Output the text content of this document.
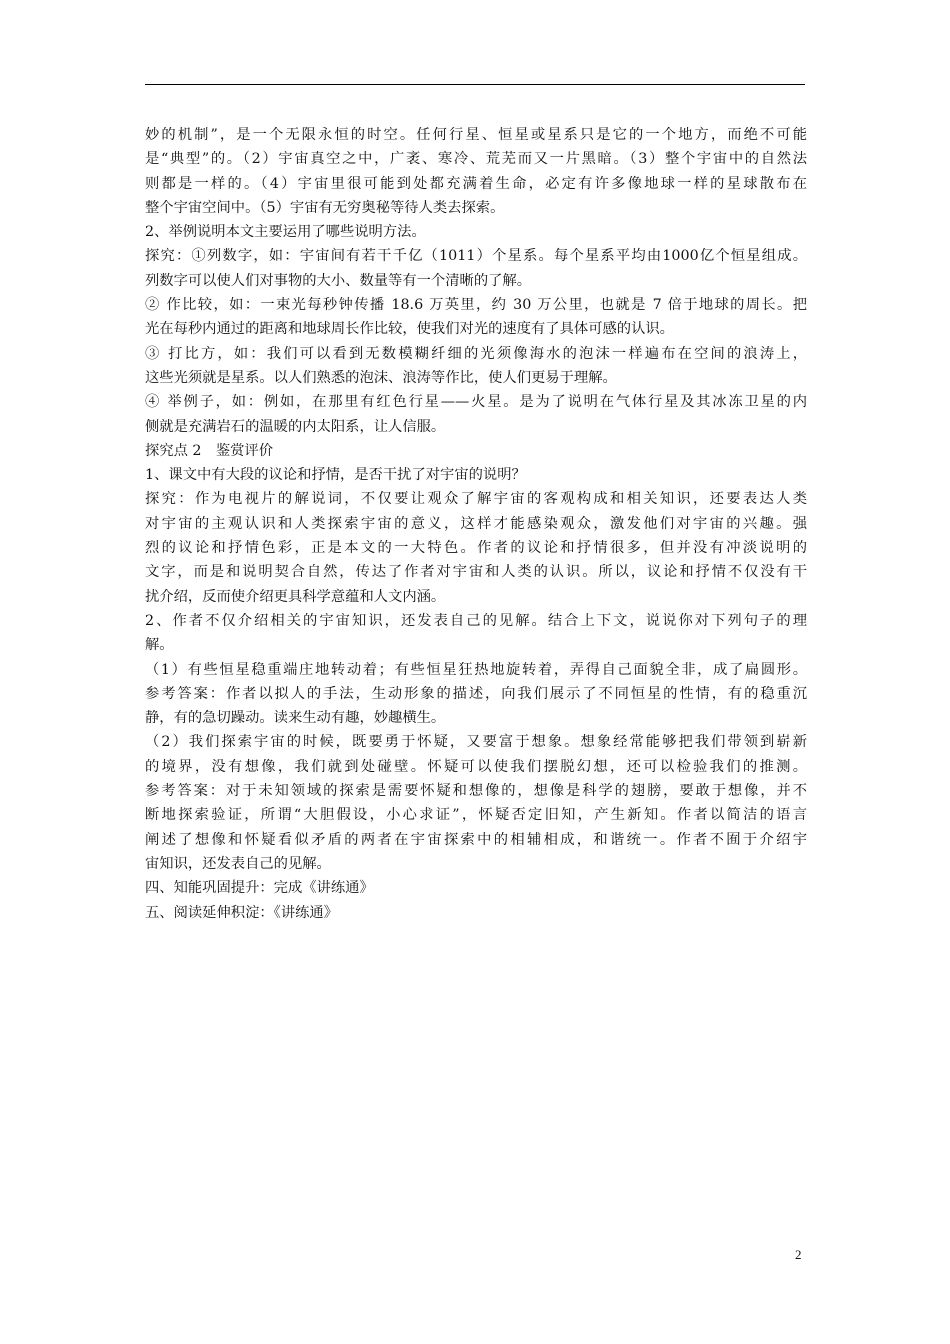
妙的机制”，是一个无限永恒的时空。任何行星、恒星或星系只是它的一个地方，而绝不可能
是“典型”的。（2）宇宙真空之中，广袤、寒冷、荒芜而又一片黑暗。（3）整个宇宙中的自然法
则都是一样的。（4）宇宙里很可能到处都充满着生命，必定有许多像地球一样的星球散布在
整个宇宙空间中。（5）宇宙有无穷奥秘等待人类去探索。
2、举例说明本文主要运用了哪些说明方法。
探究：①列数字，如：宇宙间有若干千亿（1011）个星系。每个星系平均由1000亿个恒星组成。
列数字可以使人们对事物的大小、数量等有一个清晰的了解。
② 作比较，如：一束光每秒钟传播 18.6 万英里，约 30 万公里，也就是 7 倍于地球的周长。把
光在每秒内通过的距离和地球周长作比较，使我们对光的速度有了具体可感的认识。
③ 打比方，如：我们可以看到无数模糊纤细的光须像海水的泡沫一样遍布在空间的浪涛上，
这些光须就是星系。以人们熟悉的泡沫、浪涛等作比，使人们更易于理解。
④ 举例子，如：例如，在那里有红色行星——火星。是为了说明在气体行星及其冰冻卫星的内
侧就是充满岩石的温暖的内太阳系，让人信服。
探究点 2　鉴赏评价
1、课文中有大段的议论和抒情，是否干扰了对宇宙的说明？
探究：作为电视片的解说词，不仅要让观众了解宇宙的客观构成和相关知识，还要表达人类
对宇宙的主观认识和人类探索宇宙的意义，这样才能感染观众，激发他们对宇宙的兴趣。强
烈的议论和抒情色彩，正是本文的一大特色。作者的议论和抒情很多，但并没有冲淡说明的
文字，而是和说明契合自然，传达了作者对宇宙和人类的认识。所以，议论和抒情不仅没有干
扰介绍，反而使介绍更具科学意蕴和人文内涵。
2、作者不仅介绍相关的宇宙知识，还发表自己的见解。结合上下文，说说你对下列句子的理
解。
（1）有些恒星稳重端庄地转动着；有些恒星狂热地旋转着，弄得自己面貌全非，成了扁圆形。
参考答案：作者以拟人的手法，生动形象的描述，向我们展示了不同恒星的性情，有的稳重沉
静，有的急切躁动。读来生动有趣，妙趣横生。
（2）我们探索宇宙的时候，既要勇于怀疑，又要富于想象。想象经常能够把我们带领到崭新
的境界，没有想像，我们就到处碰壁。怀疑可以使我们摆脱幻想，还可以检验我们的推测。
参考答案：对于未知领域的探索是需要怀疑和想像的，想像是科学的翅膀，要敢于想像，并不
断地探索验证，所谓“大胆假设，小心求证”，怀疑否定旧知，产生新知。作者以简洁的语言
阐述了想像和怀疑看似矛盾的两者在宇宙探索中的相辅相成，和谐统一。作者不囿于介绍宇
宙知识，还发表自己的见解。
四、知能巩固提升：完成《讲练通》
五、阅读延伸积淀：《讲练通》
2
